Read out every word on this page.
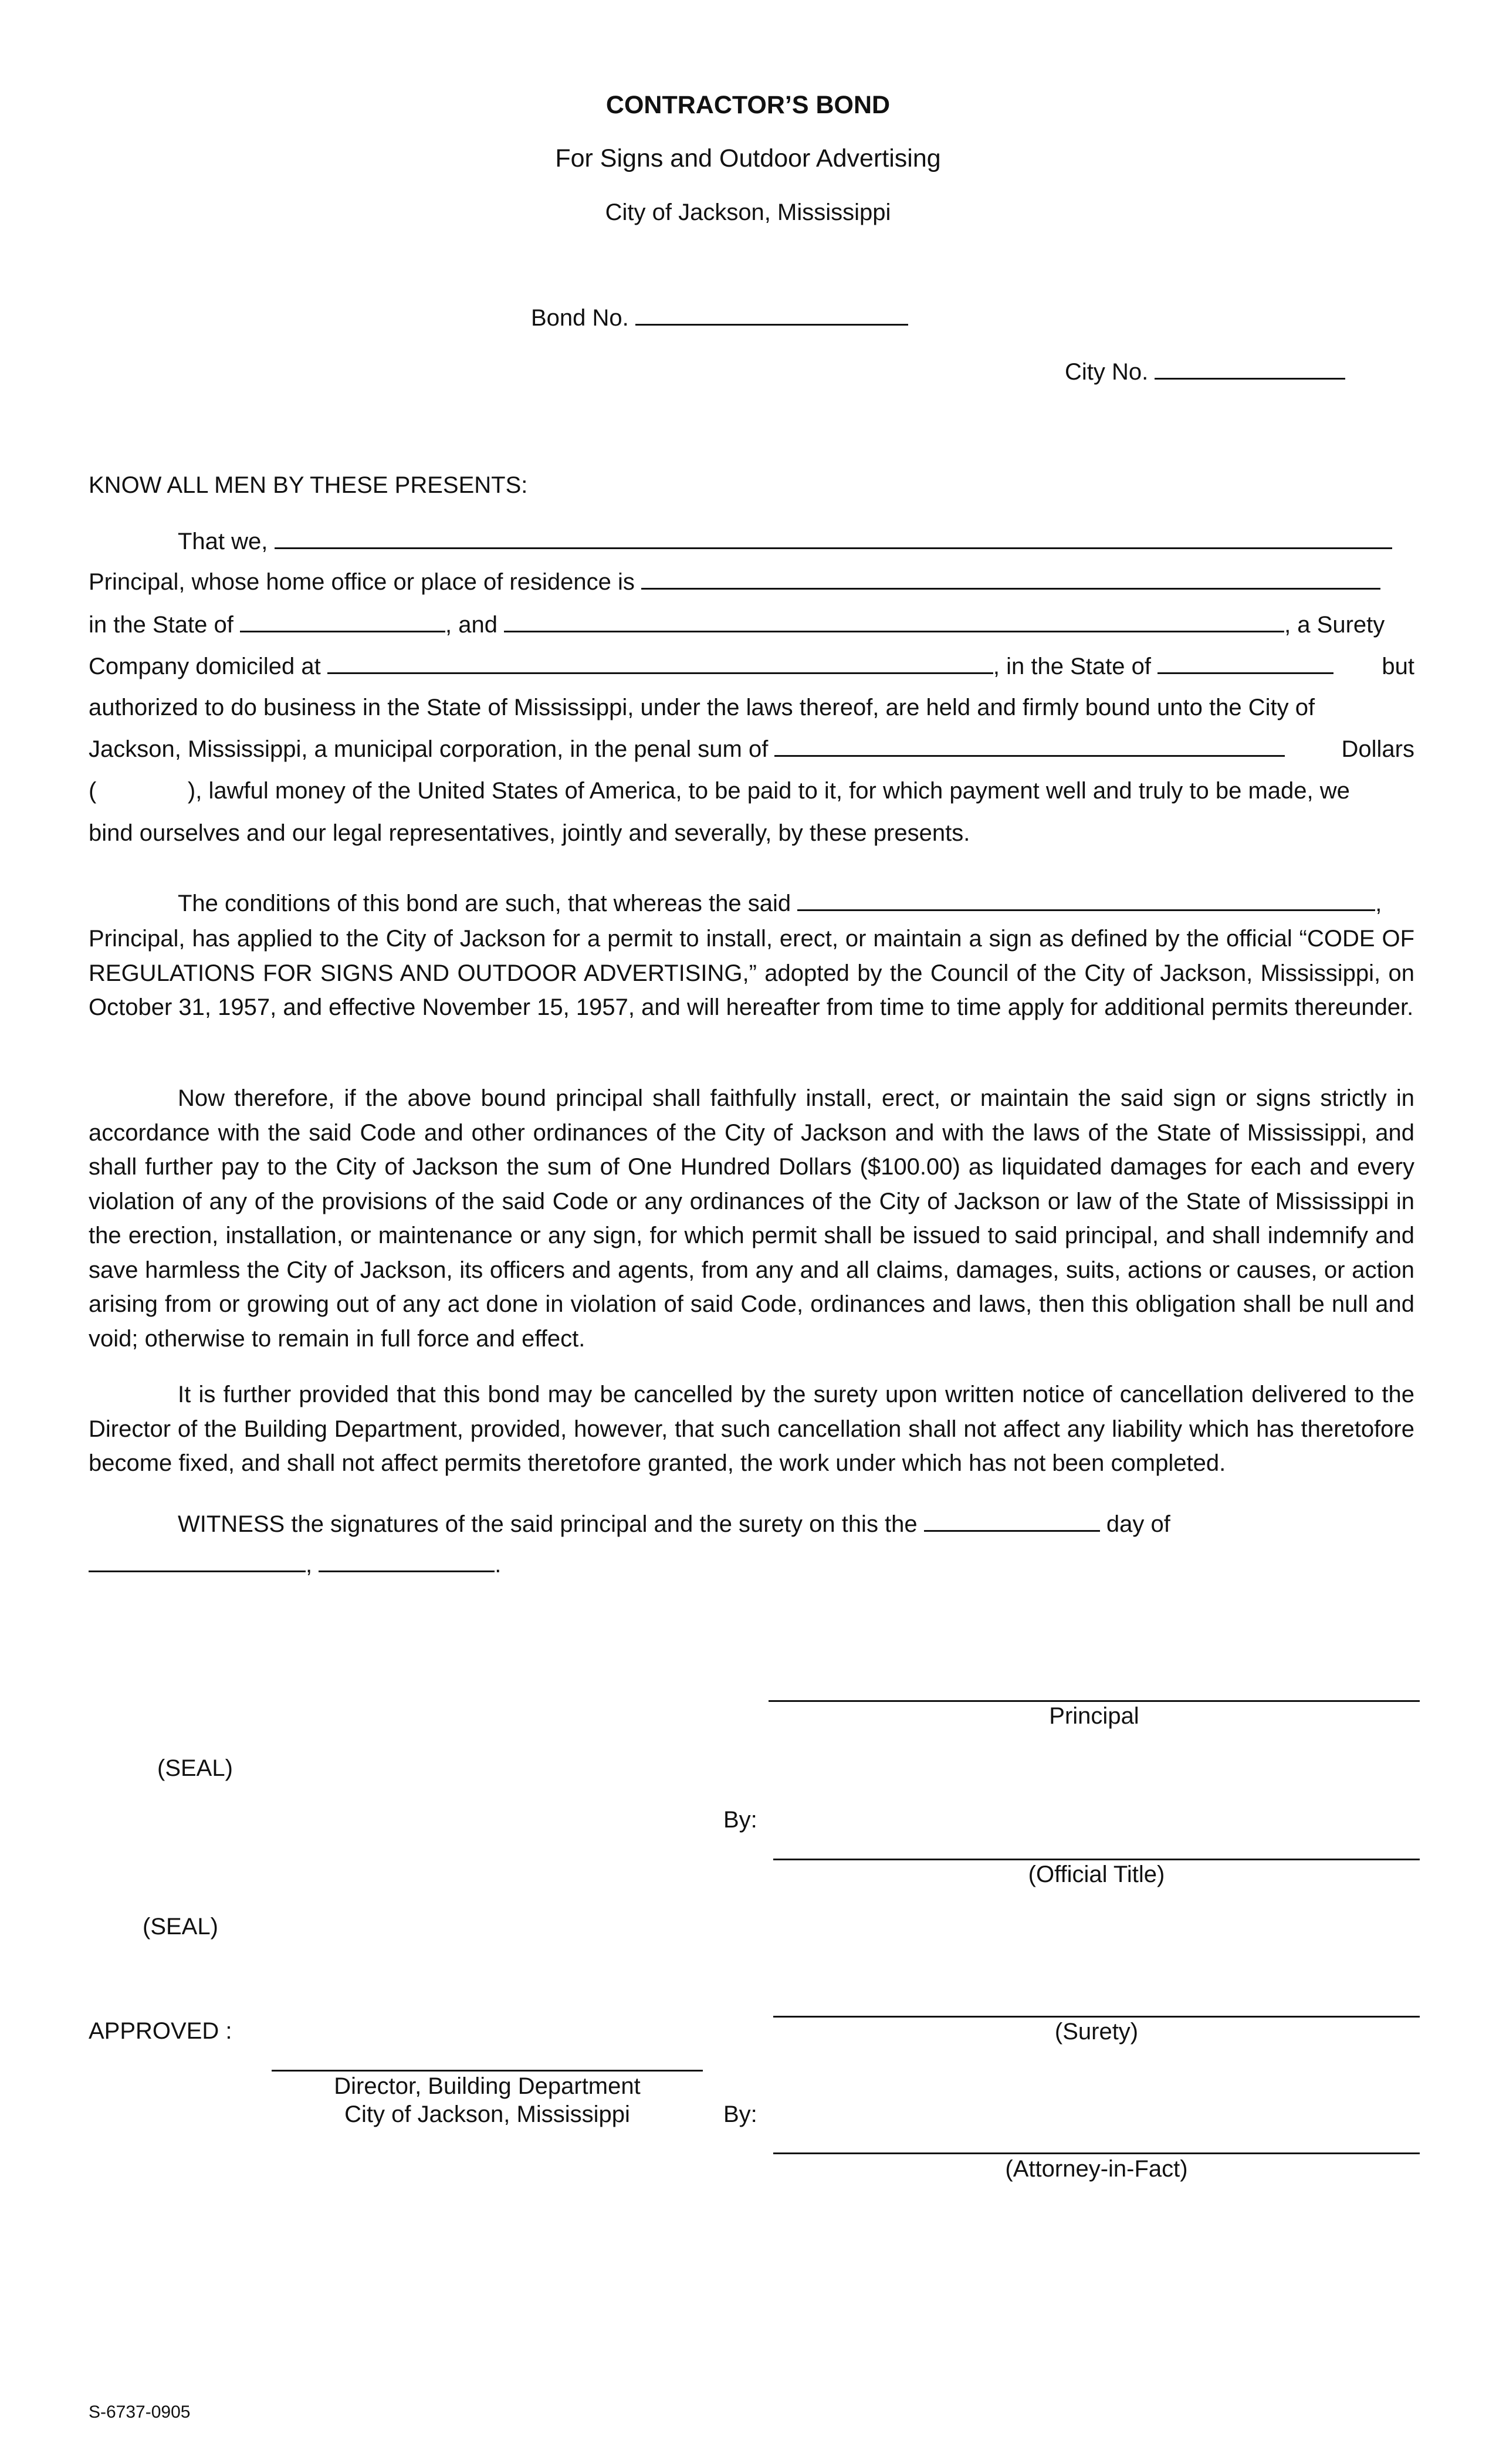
CONTRACTOR’S BOND
For Signs and Outdoor Advertising
City of Jackson, Mississippi
Bond No.
City No.
KNOW ALL MEN BY THESE PRESENTS:
That we,
Principal, whose home office or place of residence is
in the State of	, and	, a Surety
Company domiciled at	, in the State of	but
authorized to do business in the State of Mississippi, under the laws thereof, are held and firmly bound unto the City of
Jackson, Mississippi, a municipal corporation, in the penal sum of	Dollars
(              ), lawful money of the United States of America, to be paid to it, for which payment well and truly to be made, we
bind ourselves and our legal representatives, jointly and severally, by these presents.
The conditions of this bond are such, that whereas the said	,
Principal, has applied to the City of Jackson for a permit to install, erect, or maintain a sign as defined by the official “CODE OF REGULATIONS FOR SIGNS AND OUTDOOR ADVERTISING,” adopted by the Council of the City of Jackson, Mississippi, on October 31, 1957, and effective November 15, 1957, and will hereafter from time to time apply for additional permits thereunder.
Now therefore, if the above bound principal shall faithfully install, erect, or maintain the said sign or signs strictly in accordance with the said Code and other ordinances of the City of Jackson and with the laws of the State of Mississippi, and shall further pay to the City of Jackson the sum of One Hundred Dollars ($100.00) as liquidated damages for each and every violation of any of the provisions of the said Code or any ordinances of the City of Jackson or law of the State of Mississippi in the erection, installation, or maintenance or any sign, for which permit shall be issued to said principal, and shall indemnify and save harmless the City of Jackson, its officers and agents, from any and all claims, damages, suits, actions or causes, or action arising from or growing out of any act done in violation of said Code, ordinances and laws, then this obligation shall be null and void; otherwise to remain in full force and effect.
It is further provided that this bond may be cancelled by the surety upon written notice of cancellation delivered to the Director of the Building Department, provided, however, that such cancellation shall not affect any liability which has theretofore become fixed, and shall not affect permits theretofore granted, the work under which has not been completed.
WITNESS the signatures of the said principal and the surety on this the	day of
,	.
Principal
(SEAL)
By:
(Official Title)
(SEAL)
APPROVED :	(Surety)
Director, Building Department
City of Jackson, Mississippi	By:
(Attorney-in-Fact)
S-6737-0905
